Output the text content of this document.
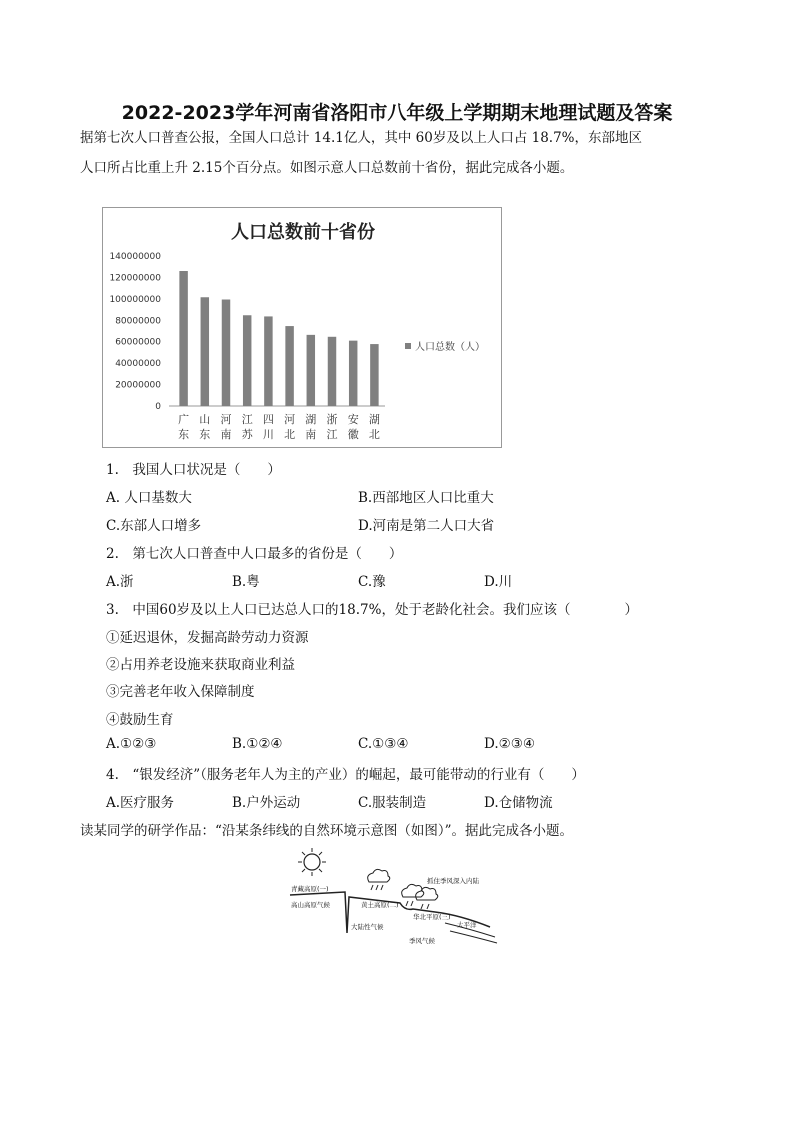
2022-2023学年河南省洛阳市八年级上学期期末地理试题及答案
据第七次人口普查公报，全国人口总计 14.1亿人，其中 60岁及以上人口占 18.7%，东部地区
人口所占比重上升 2.15个百分点。如图示意人口总数前十省份，据此完成各小题。
人口总数前十省份
0
20000000
40000000
60000000
80000000
100000000
120000000
140000000
广
东
山
东
河
南
江
苏
四
川
河
北
湖
南
浙
江
安
徽
湖
北
人口总数（人）
1.　我国人口状况是（　　）
A. 人口基数大	B.西部地区人口比重大
C.东部人口增多	D.河南是第二人口大省
2.　第七次人口普查中人口最多的省份是（　　）
A.浙	B.粤	C.豫	D.川
3.　中国60岁及以上人口已达总人口的18.7%，处于老龄化社会。我们应该（　　　　）
①延迟退休，发掘高龄劳动力资源
②占用养老设施来获取商业利益
③完善老年收入保障制度
④鼓励生育
A.①②③	B.①②④	C.①③④	D.②③④
4.　“银发经济”（服务老年人为主的产业）的崛起，最可能带动的行业有（　　）
A.医疗服务	B.户外运动	C.服装制造	D.仓储物流
读某同学的研学作品：“沿某条纬线的自然环境示意图（如图）”。据此完成各小题。
青藏高原(一)
高山高原气候	黄土高原(二)
大陆性气候
抓住季风深入内陆
华北平原(三)
太平洋
季风气候
